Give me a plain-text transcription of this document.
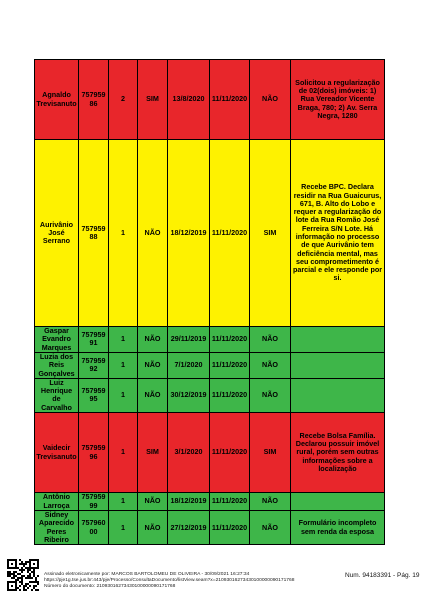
Agnaldo Trevisanuto	75795986	2	SIM	13/8/2020	11/11/2020	NÃO	Solicitou a regularização de 02(dois) imóveis: 1) Rua Vereador Vicente Braga, 780; 2) Av. Serra Negra, 1280
Aurivânio José Serrano	75795988	1	NÃO	18/12/2019	11/11/2020	SIM	Recebe BPC. Declara residir na Rua Guaicurus, 671, B. Alto do Lobo e requer a regularização do lote da Rua Romão José Ferreira S/N Lote. Há informação no processo de que Aurivânio tem deficiência mental, mas seu comprometimento é parcial e ele responde por si.
Gaspar Evandro Marques	75795991	1	NÃO	29/11/2019	11/11/2020	NÃO	
Luzia dos Reis Gonçalves	75795992	1	NÃO	7/1/2020	11/11/2020	NÃO	
Luiz Henrique de Carvalho	75795995	1	NÃO	30/12/2019	11/11/2020	NÃO	
Vaidecir Trevisanuto	75795996	1	SIM	3/1/2020	11/11/2020	SIM	Recebe Bolsa Família. Declarou possuir imóvel rural, porém sem outras informações sobre a localização
Antônio Larroça	75795999	1	NÃO	18/12/2019	11/11/2020	NÃO	
Sidney Aparecido Peres Ribeiro	75796000	1	NÃO	27/12/2019	11/11/2020	NÃO	Formulário incompleto sem renda da esposa
Assinado eletronicamente por: MARCOS BARTOLOMEU DE OLIVEIRA - 30/09/2021 16:27:34
https://pje1g.tse.jus.br:443/pje/Processo/ConsultaDocumento/listView.seam?x=21093016273430100000090171768
Número do documento: 21093016273430100000090171768
Num. 94183391 - Pág. 19
